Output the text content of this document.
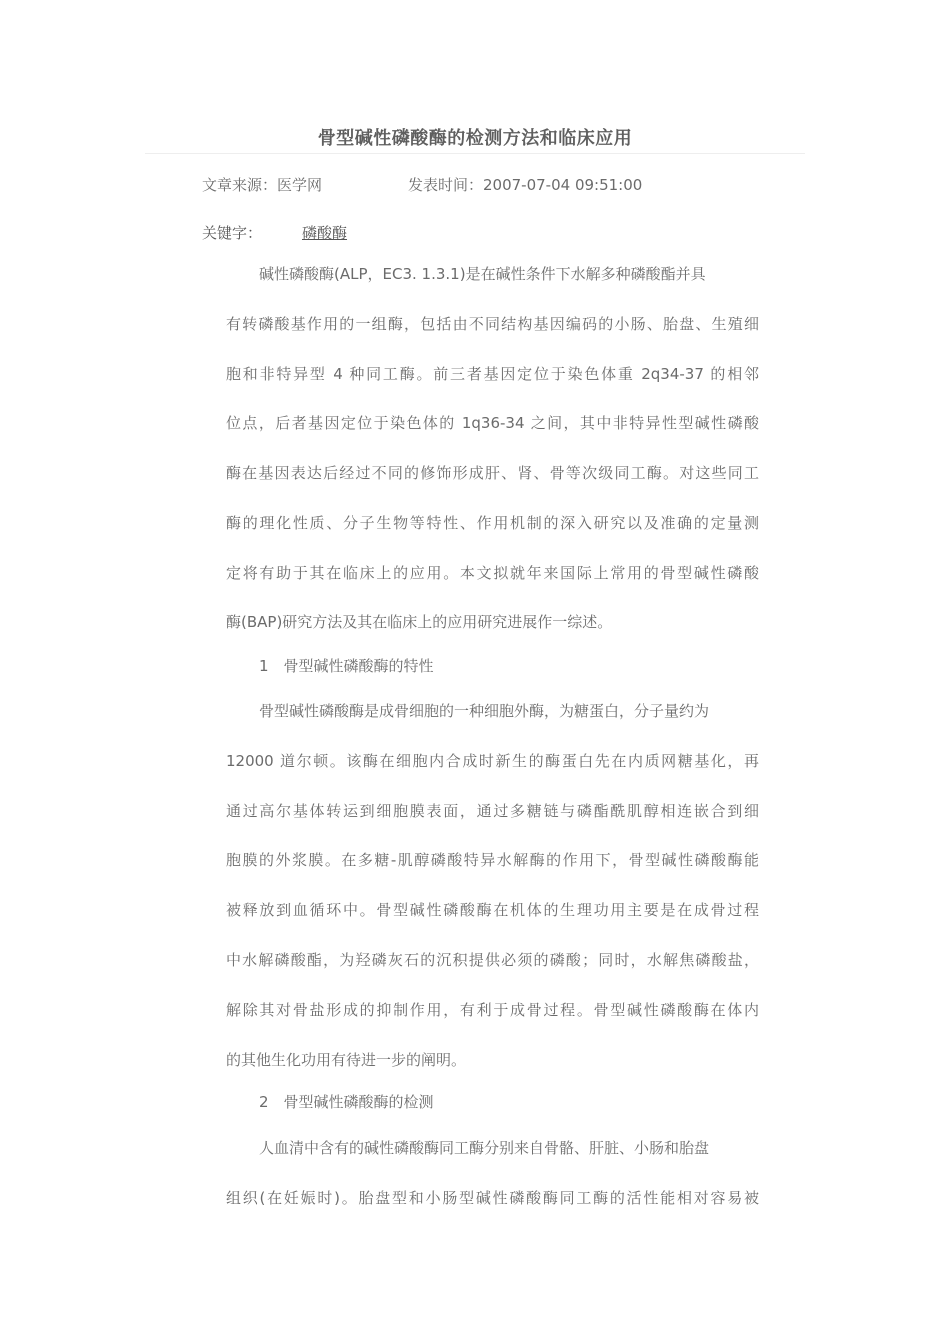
骨型碱性磷酸酶的检测方法和临床应用
文章来源：医学网	发表时间：2007-07-04 09:51:00
关键字：	磷酸酶
碱性磷酸酶(ALP，EC3. 1.3.1)是在碱性条件下水解多种磷酸酯并具
有转磷酸基作用的一组酶，包括由不同结构基因编码的小肠、胎盘、生殖细
胞和非特异型 4 种同工酶。前三者基因定位于染色体重 2q34-37 的相邻
位点，后者基因定位于染色体的 1q36-34 之间，其中非特异性型碱性磷酸
酶在基因表达后经过不同的修饰形成肝、肾、骨等次级同工酶。对这些同工
酶的理化性质、分子生物等特性、作用机制的深入研究以及准确的定量测
定将有助于其在临床上的应用。本文拟就年来国际上常用的骨型碱性磷酸
酶(BAP)研究方法及其在临床上的应用研究进展作一综述。
1　骨型碱性磷酸酶的特性
骨型碱性磷酸酶是成骨细胞的一种细胞外酶，为糖蛋白，分子量约为
12000 道尔顿。该酶在细胞内合成时新生的酶蛋白先在内质网糖基化，再
通过高尔基体转运到细胞膜表面，通过多糖链与磷酯酰肌醇相连嵌合到细
胞膜的外浆膜。在多糖-肌醇磷酸特异水解酶的作用下，骨型碱性磷酸酶能
被释放到血循环中。骨型碱性磷酸酶在机体的生理功用主要是在成骨过程
中水解磷酸酯，为羟磷灰石的沉积提供必须的磷酸；同时，水解焦磷酸盐，
解除其对骨盐形成的抑制作用，有利于成骨过程。骨型碱性磷酸酶在体内
的其他生化功用有待进一步的阐明。
2　骨型碱性磷酸酶的检测
人血清中含有的碱性磷酸酶同工酶分别来自骨骼、肝脏、小肠和胎盘
组织(在妊娠时)。胎盘型和小肠型碱性磷酸酶同工酶的活性能相对容易被
